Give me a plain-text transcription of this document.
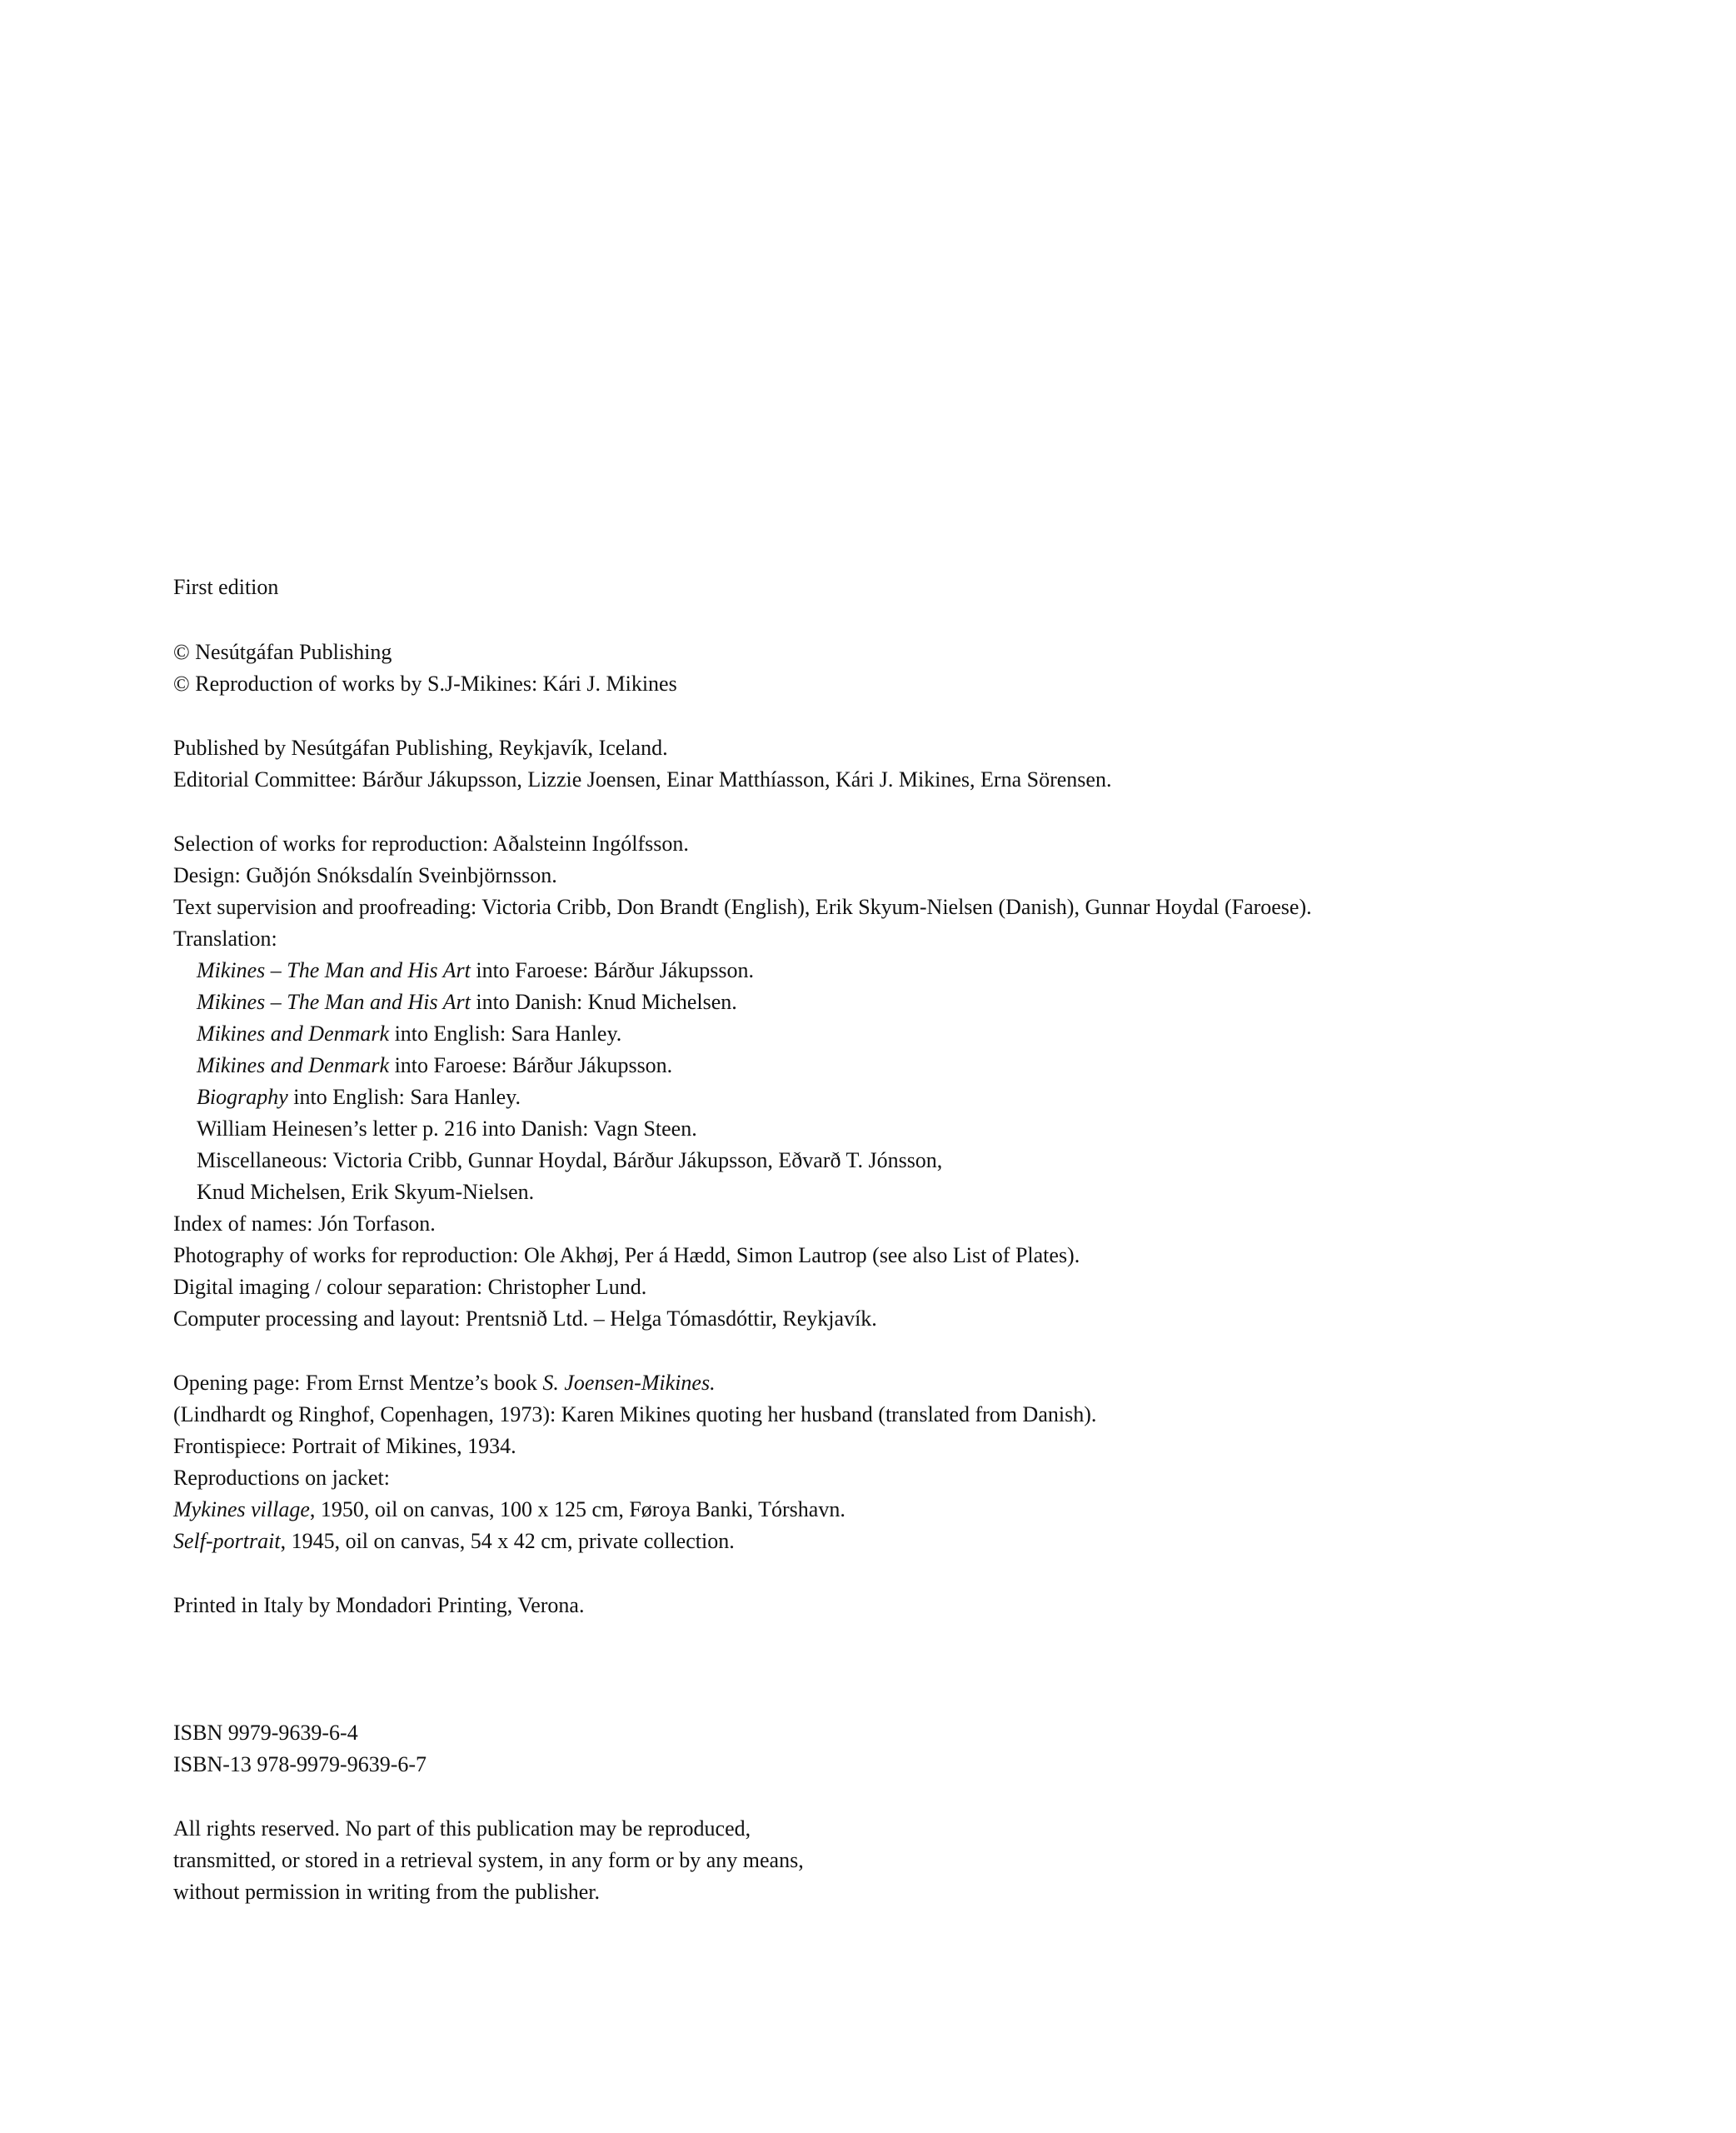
First edition
© Nesútgáfan Publishing
© Reproduction of works by S.J-Mikines: Kári J. Mikines
Published by Nesútgáfan Publishing, Reykjavík, Iceland.
Editorial Committee: Bárður Jákupsson, Lizzie Joensen, Einar Matthíasson, Kári J. Mikines, Erna Sörensen.
Selection of works for reproduction: Aðalsteinn Ingólfsson.
Design: Guðjón Snóksdalín Sveinbjörnsson.
Text supervision and proofreading: Victoria Cribb, Don Brandt (English), Erik Skyum-Nielsen (Danish), Gunnar Hoydal (Faroese).
Translation:
Mikines – The Man and His Art into Faroese: Bárður Jákupsson.
Mikines – The Man and His Art into Danish: Knud Michelsen.
Mikines and Denmark into English: Sara Hanley.
Mikines and Denmark into Faroese: Bárður Jákupsson.
Biography into English: Sara Hanley.
William Heinesen’s letter p. 216 into Danish: Vagn Steen.
Miscellaneous: Victoria Cribb, Gunnar Hoydal, Bárður Jákupsson, Eðvarð T. Jónsson,
Knud Michelsen, Erik Skyum-Nielsen.
Index of names: Jón Torfason.
Photography of works for reproduction: Ole Akhøj, Per á Hædd, Simon Lautrop (see also List of Plates).
Digital imaging / colour separation: Christopher Lund.
Computer processing and layout: Prentsnið Ltd. – Helga Tómasdóttir, Reykjavík.
Opening page: From Ernst Mentze’s book S. Joensen-Mikines.
(Lindhardt og Ringhof, Copenhagen, 1973): Karen Mikines quoting her husband (translated from Danish).
Frontispiece: Portrait of Mikines, 1934.
Reproductions on jacket:
Mykines village, 1950, oil on canvas, 100 x 125 cm, Føroya Banki, Tórshavn.
Self-portrait, 1945, oil on canvas, 54 x 42 cm, private collection.
Printed in Italy by Mondadori Printing, Verona.
ISBN 9979-9639-6-4
ISBN-13 978-9979-9639-6-7
All rights reserved. No part of this publication may be reproduced,
transmitted, or stored in a retrieval system, in any form or by any means,
without permission in writing from the publisher.
